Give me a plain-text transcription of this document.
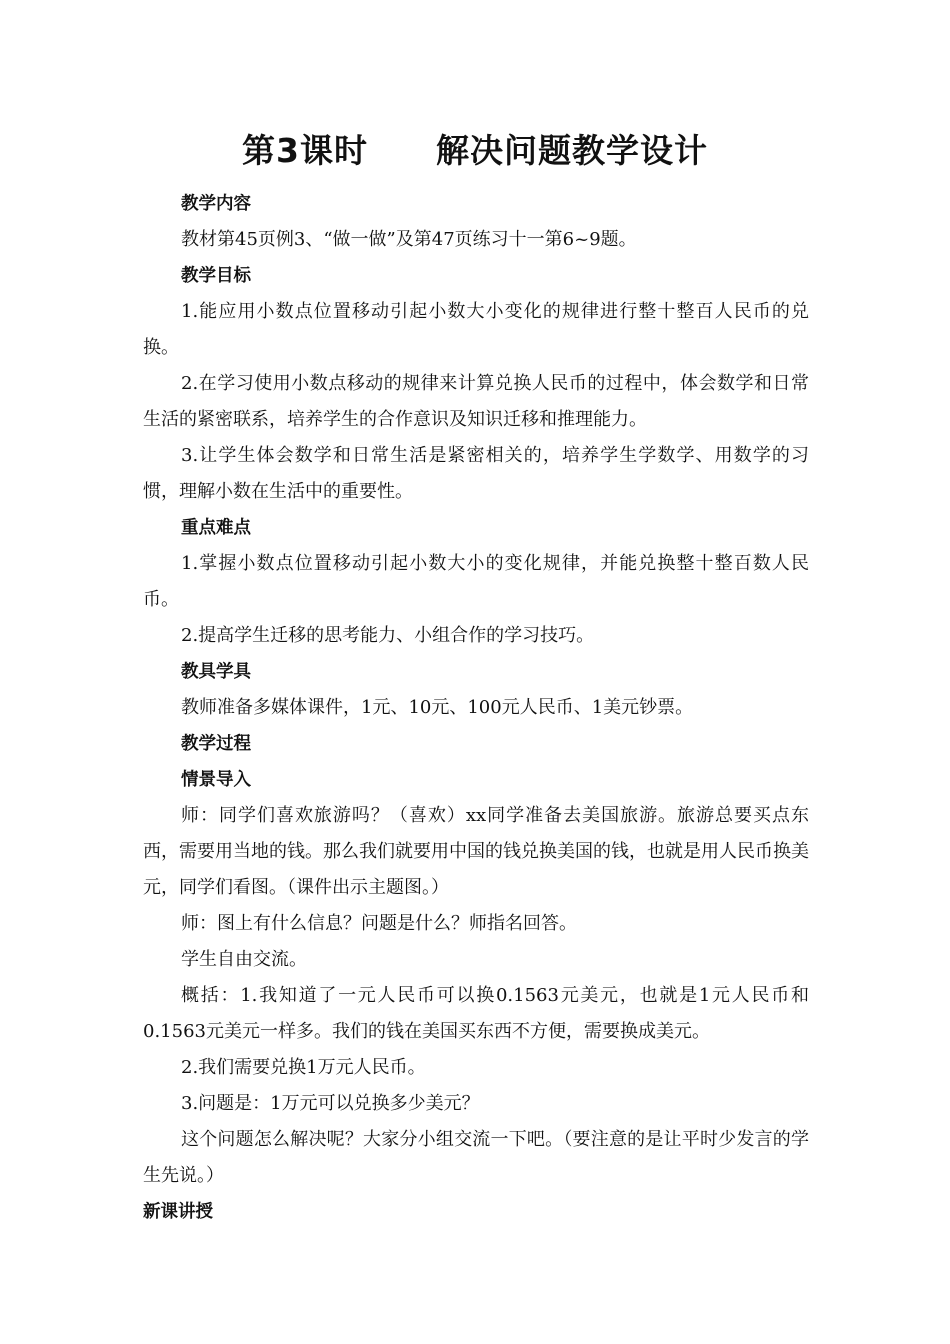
第3课时　　解决问题教学设计

教学内容

教材第45页例3、“做一做”及第47页练习十一第6~9题。

教学目标

1.能应用小数点位置移动引起小数大小变化的规律进行整十整百人民币的兑换。

2.在学习使用小数点移动的规律来计算兑换人民币的过程中，体会数学和日常生活的紧密联系，培养学生的合作意识及知识迁移和推理能力。

3.让学生体会数学和日常生活是紧密相关的，培养学生学数学、用数学的习惯，理解小数在生活中的重要性。

重点难点

1.掌握小数点位置移动引起小数大小的变化规律，并能兑换整十整百数人民币。

2.提高学生迁移的思考能力、小组合作的学习技巧。

教具学具

教师准备多媒体课件，1元、10元、100元人民币、1美元钞票。

教学过程

情景导入

师：同学们喜欢旅游吗？（喜欢）xx同学准备去美国旅游。旅游总要买点东西，需要用当地的钱。那么我们就要用中国的钱兑换美国的钱，也就是用人民币换美元，同学们看图。（课件出示主题图。）

师：图上有什么信息？问题是什么？师指名回答。

学生自由交流。

概括：1.我知道了一元人民币可以换0.1563元美元，也就是1元人民币和0.1563元美元一样多。我们的钱在美国买东西不方便，需要换成美元。

2.我们需要兑换1万元人民币。

3.问题是：1万元可以兑换多少美元？

这个问题怎么解决呢？大家分小组交流一下吧。（要注意的是让平时少发言的学生先说。）

新课讲授
